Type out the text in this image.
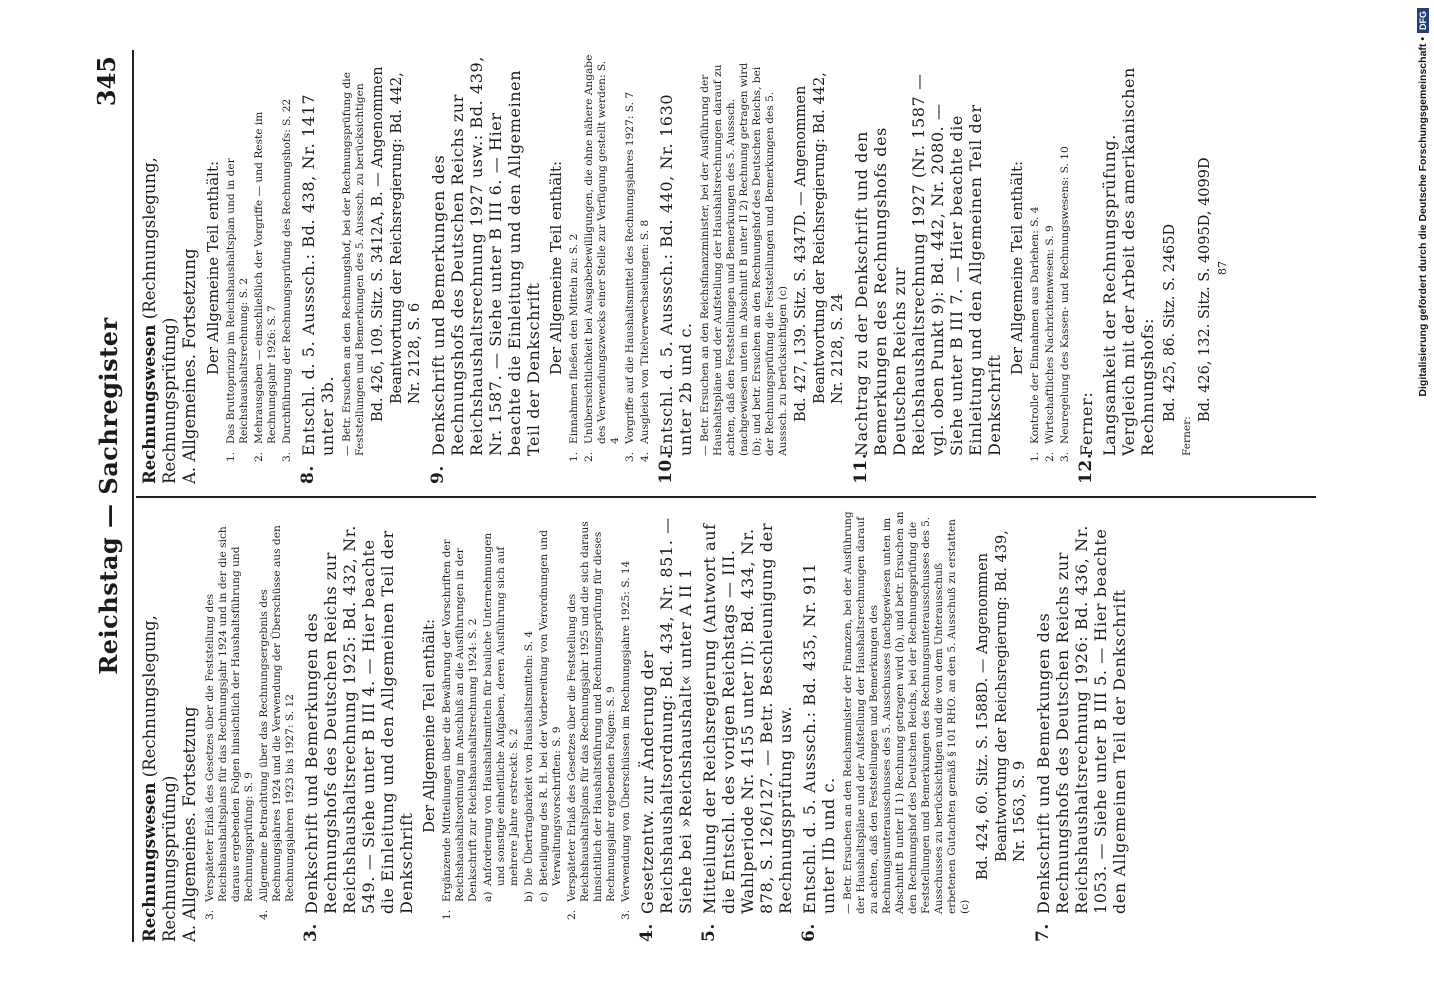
Reichstag — Sachregister
345

Rechnungswesen (Rechnungslegung, Rechnungsprüfung) A. Allgemeines. Fortsetzung 3.
Verspäteter Erlaß des Gesetzes über die Feststellung des Reichshaushaltsplans für das Rechnungsjahr 1924 und in der die sich daraus ergebenden Folgen hinsichtlich der Haushaltsführung und Rechnungsprüfung: S. 9
4.
Allgemeine Betrachtung über das Rechnungsergebnis des Rechnungsjahres 1924 und die Verwendung der Überschüsse aus den Rechnungsjahren 1923 bis 1927: S. 12
3.
Denkschrift und Bemerkungen des Rechnungshofs des Deutschen Reichs zur Reichshaushaltsrechnung 1925: Bd. 432, Nr. 549. — Siehe unter B III 4. — Hier beachte die Einleitung und den Allgemeinen Teil der Denkschrift
Der Allgemeine Teil enthält:
1.
Ergänzende Mitteilungen über die Bewährung der Vorschriften der Reichshaushaltsordnung im Anschluß an die Ausführungen in der Denkschrift zur Reichshaushaltsrechnung 1924: S. 2 a)
Anforderung von Haushaltsmitteln für bauliche Unternehmungen und sonstige einheitliche Aufgaben, deren Ausführung sich auf mehrere Jahre erstreckt: S. 2
b)
Die Übertragbarkeit von Haushaltsmitteln: S. 4
c)
Beteiligung des R. H. bei der Vorbereitung von Verordnungen und Verwaltungsvorschriften: S. 9
2.
Verspäteter Erlaß des Gesetzes über die Feststellung des Reichshaushaltsplans für das Rechnungsjahr 1925 und die sich daraus hinsichtlich der Haushaltsführung und Rechnungsprüfung für dieses Rechnungsjahr ergebenden Folgen: S. 9
3.
Verwendung von Überschüssen im Rechnungsjahre 1925: S. 14
4.
Gesetzentw. zur Änderung der Reichshaushaltsordnung: Bd. 434, Nr. 851. — Siehe bei »Reichshaushalt« unter A II 1
5.
Mitteilung der Reichsregierung (Antwort auf die Entschl. des vorigen Reichstags — III. Wahlperiode Nr. 4155 unter II): Bd. 434, Nr. 878, S. 126/127. — Betr. Beschleunigung der Rechnungsprüfung usw.
6.
Entschl. d. 5. Ausssch.: Bd. 435, Nr. 911 unter IIb und c. — Betr. Ersuchen an den Reichsminister der Finanzen, bei der Ausführung der Haushaltspläne und der Aufstellung der Haushaltsrechnungen darauf zu achten, daß den Feststellungen und Bemerkungen des Rechnungsunterausschusses des 5. Ausschusses (nachgewiesen unten im Abschnitt B unter II 1) Rechnung getragen wird (b), und betr. Ersuchen an den Rechnungshof des Deutschen Reichs, bei der Rechnungsprüfung die Feststellungen und Bemerkungen des Rechnungsunterausschusses des 5. Ausschusses zu berücksichtigen und die von dem Unterausschuß erbetenen Gutachten gemäß § 101 RHO. an den 5. Ausschuß zu erstatten (c)
Bd. 424, 60. Sitz. S. 1588D. — Angenommen Beantwortung der Reichsregierung: Bd. 439, Nr. 1563, S. 9
7.
Denkschrift und Bemerkungen des Rechnungshofs des Deutschen Reichs zur Reichshaushaltsrechnung 1926: Bd. 436, Nr. 1053. — Siehe unter B III 5. — Hier beachte den Allgemeinen Teil der Denkschrift

Rechnungswesen (Rechnungslegung, Rechnungsprüfung) A. Allgemeines. Fortsetzung Der Allgemeine Teil enthält:
1.
Das Bruttoprinzip im Reichshaushaltsplan und in der Reichshaushaltsrechnung: S. 2
2.
Mehrausgaben — einschließlich der Vorgriffe — und Reste im Rechnungsjahr 1926: S. 7
3.
Durchführung der Rechnungsprüfung des Rechnungshofs: S. 22
8.
Entschl. d. 5. Ausssch.: Bd. 438, Nr. 1417 unter 3b. — Betr. Ersuchen an den Rechnungshof, bei der Rechnungsprüfung die Feststellungen und Bemerkungen des 5. Ausssch. zu berücksichtigen Bd. 426, 109. Sitz. S. 3412A, B. — Angenommen Beantwortung der Reichsregierung: Bd. 442, Nr. 2128, S. 6
9.
Denkschrift und Bemerkungen des Rechnungshofs des Deutschen Reichs zur Reichshaushaltsrechnung 1927 usw.: Bd. 439, Nr. 1587. — Siehe unter B III 6. — Hier beachte die Einleitung und den Allgemeinen Teil der Denkschrift Der Allgemeine Teil enthält:
1.
Einnahmen fließen den Mitteln zu: S. 2
2.
Unübersichtlichkeit bei Ausgabebewilligungen, die ohne nähere Angabe des Verwendungszwecks einer Stelle zur Verfügung gestellt werden: S. 4
3.
Vorgriffe auf die Haushaltsmittel des Rechnungsjahres 1927: S. 7
4.
Ausgleich von Titelverwechselungen: S. 8
10.
Entschl. d. 5. Ausssch.: Bd. 440, Nr. 1630 unter 2b und c. — Betr. Ersuchen an den Reichsfinanzminister, bei der Ausführung der Haushaltspläne und der Aufstellung der Haushaltsrechnungen darauf zu achten, daß den Feststellungen und Bemerkungen des 5. Ausssch. (nachgewiesen unten im Abschnitt B unter II 2) Rechnung getragen wird (b); und betr. Ersuchen an den Rechnungshof des Deutschen Reichs, bei der Rechnungsprüfung die Feststellungen und Bemerkungen des 5. Ausssch. zu berücksichtigen (c) Bd. 427, 139. Sitz. S. 4347D. — Angenommen Beantwortung der Reichsregierung: Bd. 442, Nr. 2128, S. 24
11.
Nachtrag zu der Denkschrift und den Bemerkungen des Rechnungshofs des Deutschen Reichs zur Reichshaushaltsrechnung 1927 (Nr. 1587 — vgl. oben Punkt 9): Bd. 442, Nr. 2080. — Siehe unter B III 7. — Hier beachte die Einleitung und den Allgemeinen Teil der Denkschrift
Der Allgemeine Teil enthält:
1.
Kontrolle der Einnahmen aus Darlehen: S. 4
2.
Wirtschaftliches Nachrichtenwesen: S. 9
3.
Neuregelung des Kassen- und Rechnungswesens: S. 10
12.
Ferner: Langsamkeit der Rechnungsprüfung. Vergleich mit der Arbeit des amerikanischen Rechnungshofs: Bd. 425, 86. Sitz. S. 2465D
Ferner:
Bd. 426, 132. Sitz. S. 4095D, 4099D 87	Digitalisierung gefördert durch die Deutsche Forschungsgemeinschaft •
DFG
